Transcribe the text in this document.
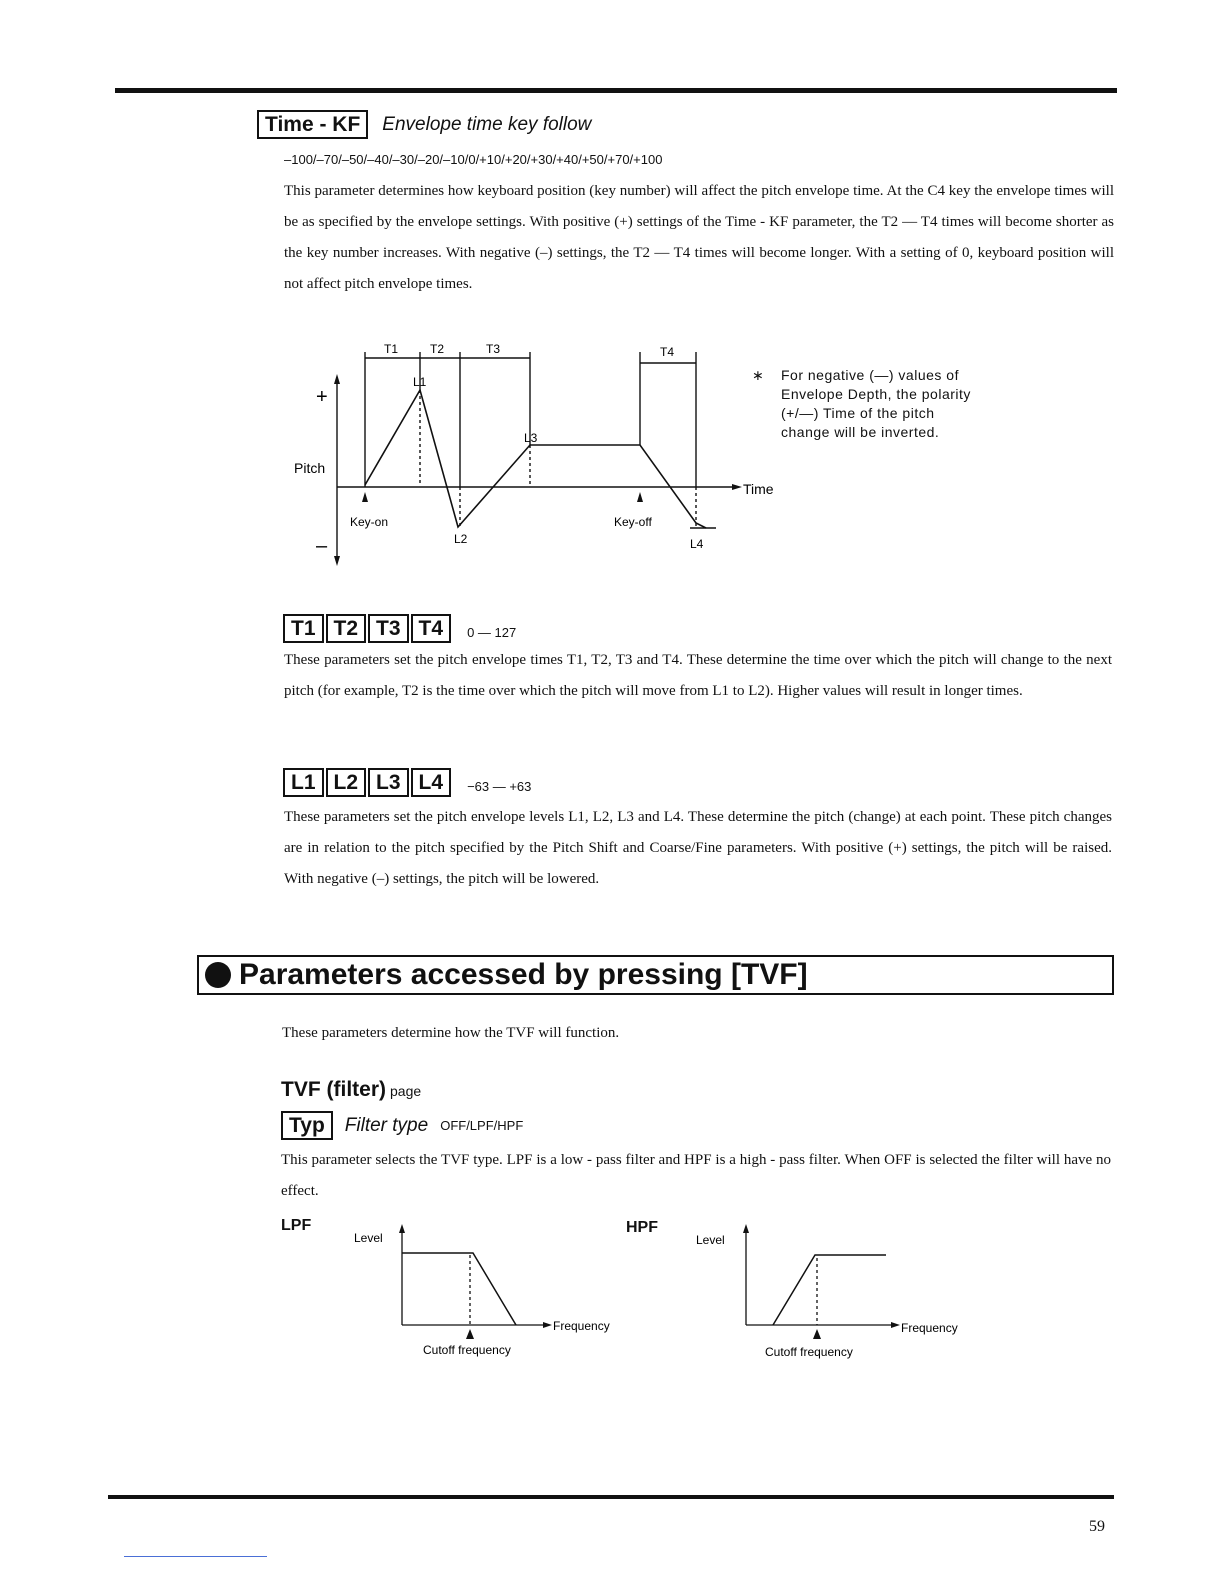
Time - KF	Envelope time key follow
–100/–70/–50/–40/–30/–20/–10/0/+10/+20/+30/+40/+50/+70/+100
This parameter determines how keyboard position (key number) will affect the pitch envelope time. At the C4 key the envelope times will be as specified by the envelope settings. With positive (+) settings of the Time - KF parameter, the T2 — T4 times will become shorter as the key number increases. With negative (–) settings, the T2 — T4 times will become longer. With a setting of 0, keyboard position will not affect pitch envelope times.
T1	T2	T3	T4
L1
L2
L3
L4
+
–
Pitch
Time
Key-on	Key-off
∗ For negative (—) values of
Envelope Depth, the polarity
(+/—) Time of the pitch
change will be inverted.
T1 T2 T3 T4	0 — 127
These parameters set the pitch envelope times T1, T2, T3 and T4. These determine the time over which the pitch will change to the next pitch (for example, T2 is the time over which the pitch will move from L1 to L2). Higher values will result in longer times.
L1 L2 L3 L4	−63 — +63
These parameters set the pitch envelope levels L1, L2, L3 and L4. These determine the pitch (change) at each point. These pitch changes are in relation to the pitch specified by the Pitch Shift and Coarse/Fine parameters. With positive (+) settings, the pitch will be raised. With negative (–) settings, the pitch will be lowered.
Parameters accessed by pressing [TVF]
These parameters determine how the TVF will function.
TVF (filter) page
Typ	Filter type OFF/LPF/HPF
This parameter selects the TVF type. LPF is a low - pass filter and HPF is a high - pass filter. When OFF is selected the filter will have no effect.
LPF	HPF
Level
Frequency
Cutoff frequency
Level
Frequency
Cutoff frequency
59
